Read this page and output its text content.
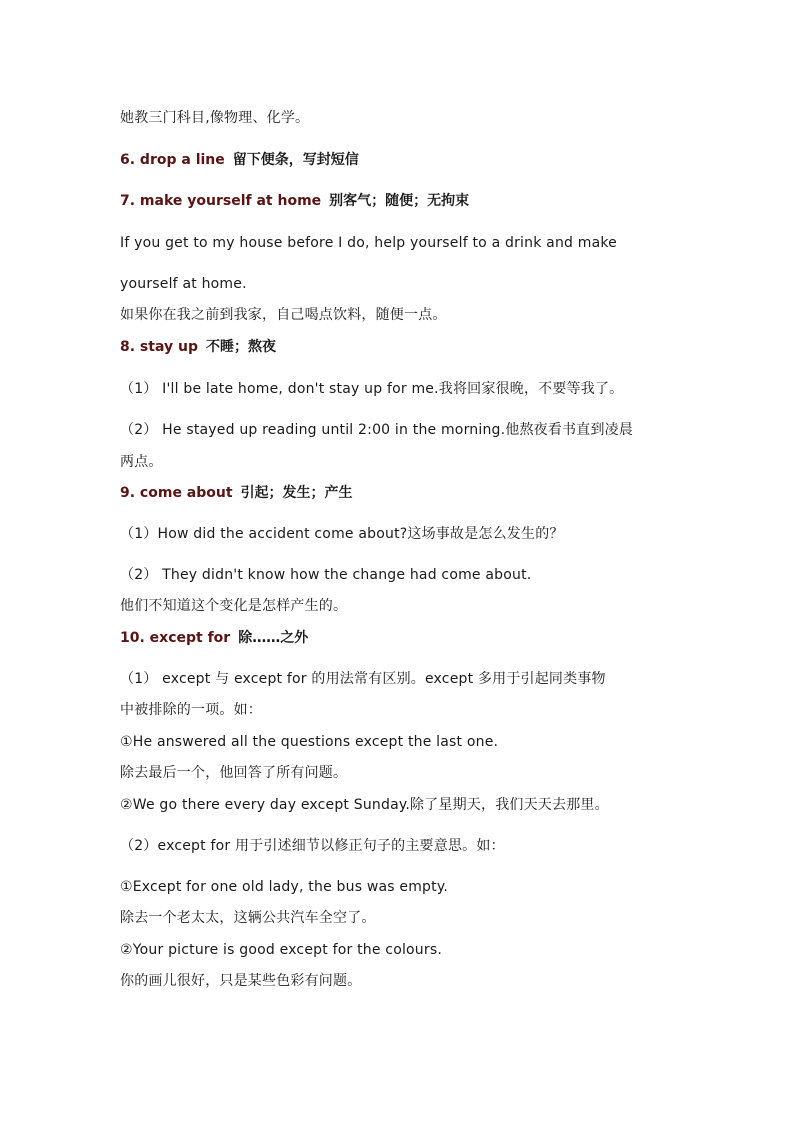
她教三门科目,像物理、化学。
6. drop a line 留下便条，写封短信
7. make yourself at home 别客气；随便；无拘束
If you get to my house before I do, help yourself to a drink and make
yourself at home.
如果你在我之前到我家，自己喝点饮料，随便一点。
8. stay up 不睡；熬夜
（1） I'll be late home, don't stay up for me.我将回家很晚，不要等我了。
（2） He stayed up reading until 2:00 in the morning.他熬夜看书直到凌晨
两点。
9. come about 引起；发生；产生
（1）How did the accident come about?这场事故是怎么发生的？
（2） They didn't know how the change had come about.
他们不知道这个变化是怎样产生的。
10. except for 除……之外
（1） except 与 except for 的用法常有区别。except 多用于引起同类事物
中被排除的一项。如：
①He answered all the questions except the last one.
除去最后一个，他回答了所有问题。
②We go there every day except Sunday.除了星期天，我们天天去那里。
（2）except for 用于引述细节以修正句子的主要意思。如：
①Except for one old lady, the bus was empty.
除去一个老太太，这辆公共汽车全空了。
②Your picture is good except for the colours.
你的画儿很好，只是某些色彩有问题。
